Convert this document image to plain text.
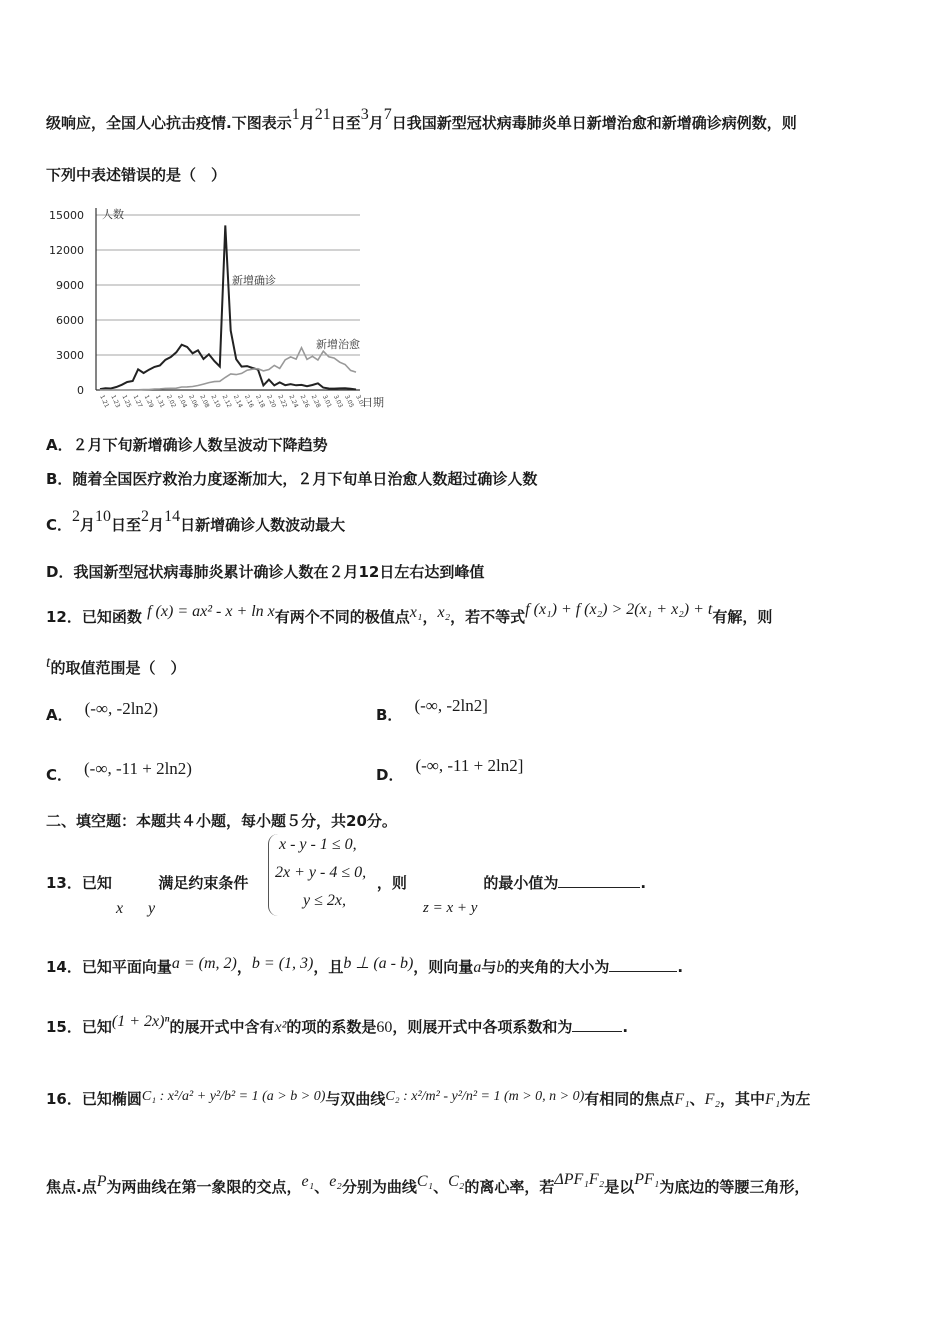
级响应，全国人心抗击疫情.下图表示1月21日至3月7日我国新型冠状病毒肺炎单日新增治愈和新增确诊病例数，则
下列中表述错误的是（　）
15000
12000
9000
6000
3000
0
1.21 1.23 1.25 1.27 1.29 1.31 2.02 2.04 2.06 2.08 2.10 2.12 2.14 2.16 2.18 2.20 2.22 2.24 2.26 2.28 3.01 3.03 3.05 3.07
人数
日期
新增确诊
新增治愈
A．２月下旬新增确诊人数呈波动下降趋势
B．随着全国医疗救治力度逐渐加大，２月下旬单日治愈人数超过确诊人数
C．2月10日至2月14日新增确诊人数波动最大
D．我国新型冠状病毒肺炎累计确诊人数在２月12日左右达到峰值
12．已知函数 f (x) = ax² - x + ln x有两个不同的极值点x₁，x₂，若不等式f (x₁) + f (x₂) > 2(x₁ + x₂) + t有解，则
t的取值范围是（　）
A． (-∞, -2ln2)	B． (-∞, -2ln2]
C． (-∞, -11 + 2ln2)	D． (-∞, -11 + 2ln2]
二、填空题：本题共４小题，每小题５分，共20分。
13．已知	满足约束条件	，则	的最小值为	.
x y
x - y - 1 ≤ 0,
2x + y - 4 ≤ 0,
y ≤ 2x,	z = x + y
14．已知平面向量a = (m, 2)，b = (1, 3)，且b ⊥ (a - b)，则向量a与b的夹角的大小为	.
15．已知(1 + 2x)ⁿ的展开式中含有x²的项的系数是60，则展开式中各项系数和为	.
16．已知椭圆C₁ : x²/a² + y²/b² = 1 (a > b > 0)与双曲线C₂ : x²/m² - y²/n² = 1 (m > 0, n > 0)有相同的焦点F₁、F₂，其中F₁为左
焦点.点P为两曲线在第一象限的交点，e₁、e₂分别为曲线C₁、C₂的离心率，若ΔPF₁F₂是以PF₁为底边的等腰三角形，
